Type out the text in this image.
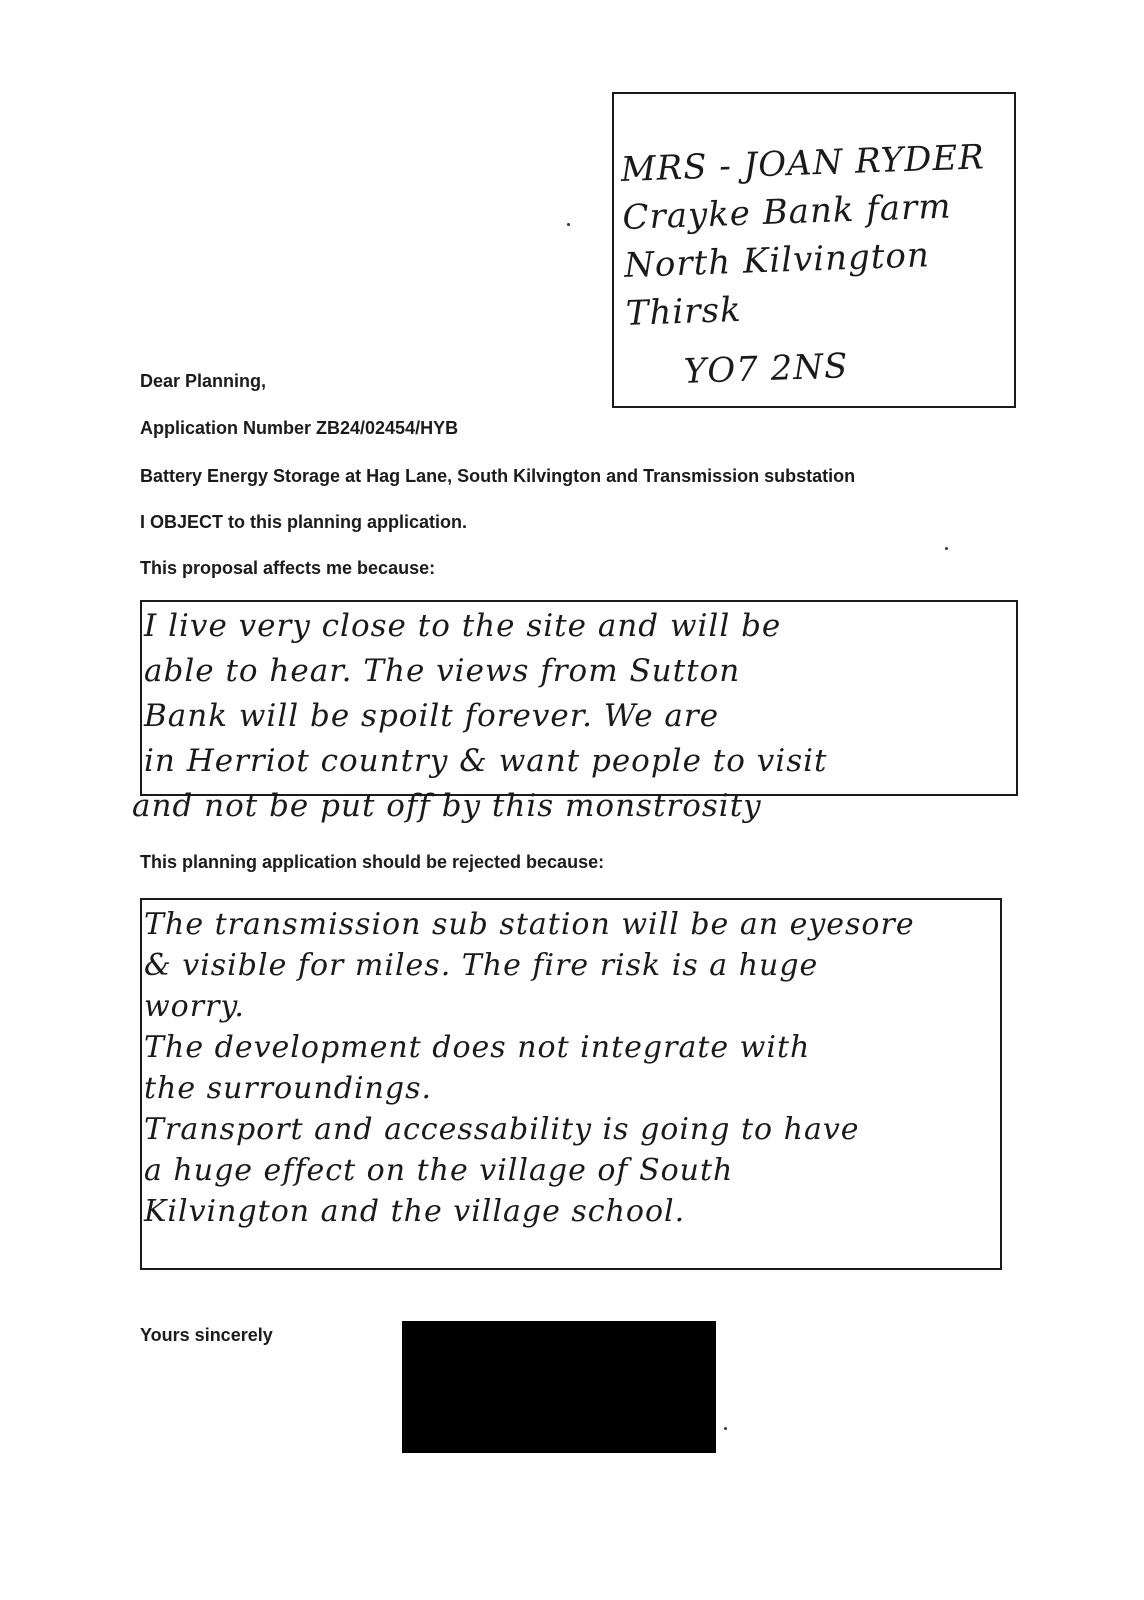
MRS - JOAN RYDER
Crayke Bank farm
North Kilvington
Thirsk
YO7 2NS
Dear Planning,
Application Number ZB24/02454/HYB
Battery Energy Storage at Hag Lane, South Kilvington and Transmission substation
I OBJECT to this planning application.
This proposal affects me because:
I live very close to the site and will be
able to hear. The views from Sutton
Bank will be spoilt forever. We are
in Herriot country & want people to visit
and not be put off by this monstrosity
This planning application should be rejected because:
The transmission sub station will be an eyesore
& visible for miles. The fire risk is a huge
worry.
The development does not integrate with
the surroundings.
Transport and accessability is going to have
a huge effect on the village of South
Kilvington and the village school.
Yours sincerely
